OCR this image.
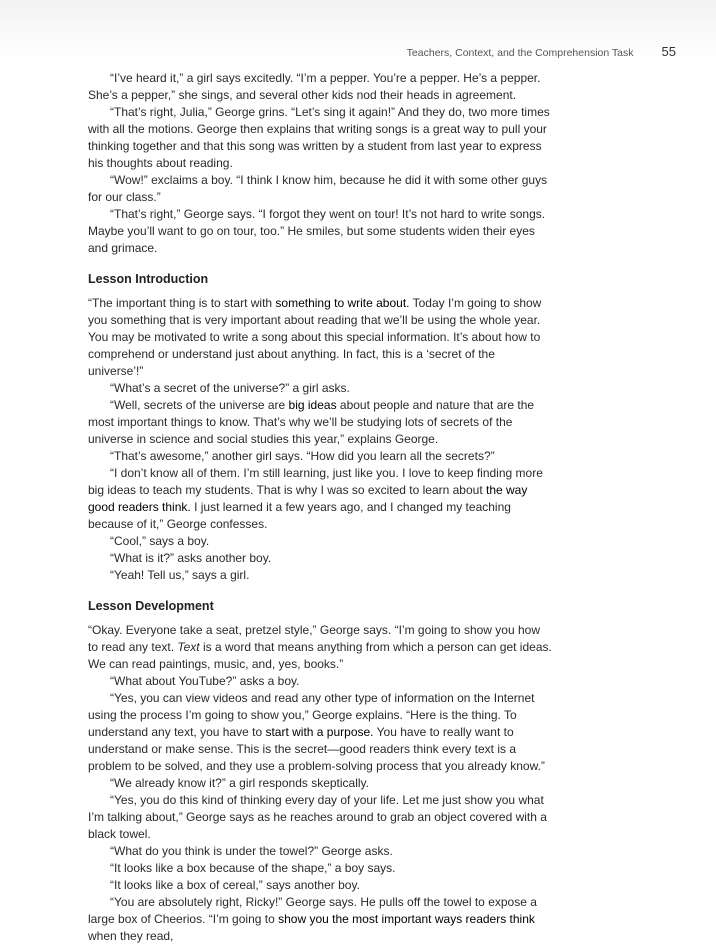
Teachers, Context, and the Comprehension Task 55

“I’ve heard it,” a girl says excitedly. “I’m a pepper. You’re a pepper. He’s a pepper. She’s a pepper,” she sings, and several other kids nod their heads in agreement.

“That’s right, Julia,” George grins. “Let’s sing it again!” And they do, two more times with all the motions. George then explains that writing songs is a great way to pull your thinking together and that this song was written by a student from last year to express his thoughts about reading.

“Wow!” exclaims a boy. “I think I know him, because he did it with some other guys for our class.”

“That’s right,” George says. “I forgot they went on tour! It’s not hard to write songs. Maybe you’ll want to go on tour, too.” He smiles, but some students widen their eyes and grimace.

Lesson Introduction

“The important thing is to start with something to write about. Today I’m going to show you something that is very important about reading that we’ll be using the whole year. You may be motivated to write a song about this special information. It’s about how to comprehend or understand just about anything. In fact, this is a ‘secret of the universe’!”

“What’s a secret of the universe?” a girl asks.

“Well, secrets of the universe are big ideas about people and nature that are the most important things to know. That’s why we’ll be studying lots of secrets of the universe in science and social studies this year,” explains George.

“That’s awesome,” another girl says. “How did you learn all the secrets?”

“I don’t know all of them. I’m still learning, just like you. I love to keep finding more big ideas to teach my students. That is why I was so excited to learn about the way good readers think. I just learned it a few years ago, and I changed my teaching because of it,” George confesses.

“Cool,” says a boy.

“What is it?” asks another boy.

“Yeah! Tell us,” says a girl.

Lesson Development

“Okay. Everyone take a seat, pretzel style,” George says. “I’m going to show you how to read any text. Text is a word that means anything from which a person can get ideas. We can read paintings, music, and, yes, books.”

“What about YouTube?” asks a boy.

“Yes, you can view videos and read any other type of information on the Internet using the process I’m going to show you,” George explains. “Here is the thing. To understand any text, you have to start with a purpose. You have to really want to understand or make sense. This is the secret—good readers think every text is a problem to be solved, and they use a problem-solving process that you already know.”

“We already know it?” a girl responds skeptically.

“Yes, you do this kind of thinking every day of your life. Let me just show you what I’m talking about,” George says as he reaches around to grab an object covered with a black towel.

“What do you think is under the towel?” George asks.

“It looks like a box because of the shape,” a boy says.

“It looks like a box of cereal,” says another boy.

“You are absolutely right, Ricky!” George says. He pulls off the towel to expose a large box of Cheerios. “I’m going to show you the most important ways readers think when they read,
